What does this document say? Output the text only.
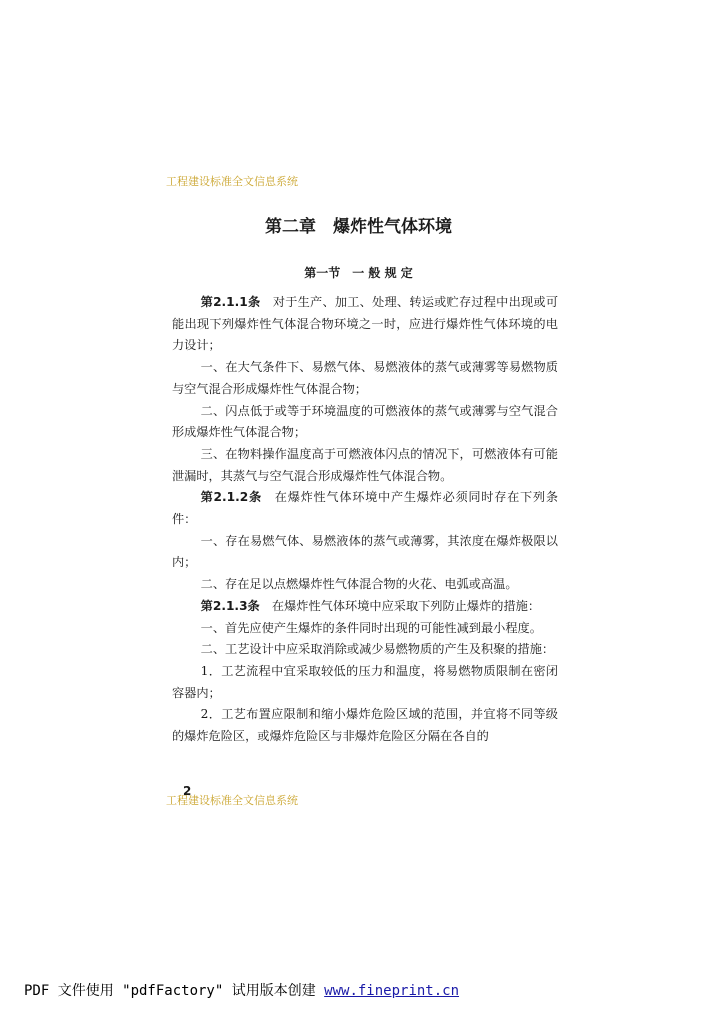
工程建设标准全文信息系统
第二章　爆炸性气体环境
第一节　一 般 规 定

第2.1.1条　对于生产、加工、处理、转运或贮存过程中出现或可能出现下列爆炸性气体混合物环境之一时，应进行爆炸性气体环境的电力设计；

一、在大气条件下、易燃气体、易燃液体的蒸气或薄雾等易燃物质与空气混合形成爆炸性气体混合物；

二、闪点低于或等于环境温度的可燃液体的蒸气或薄雾与空气混合形成爆炸性气体混合物；

三、在物料操作温度高于可燃液体闪点的情况下，可燃液体有可能泄漏时，其蒸气与空气混合形成爆炸性气体混合物。

第2.1.2条　在爆炸性气体环境中产生爆炸必须同时存在下列条件：

一、存在易燃气体、易燃液体的蒸气或薄雾，其浓度在爆炸极限以内；

二、存在足以点燃爆炸性气体混合物的火花、电弧或高温。

第2.1.3条　在爆炸性气体环境中应采取下列防止爆炸的措施：

一、首先应使产生爆炸的条件同时出现的可能性减到最小程度。

二、工艺设计中应采取消除或减少易燃物质的产生及积聚的措施：

1．工艺流程中宜采取较低的压力和温度，将易燃物质限制在密闭容器内；

2．工艺布置应限制和缩小爆炸危险区域的范围，并宜将不同等级的爆炸危险区，或爆炸危险区与非爆炸危险区分隔在各自的

工程建设标准全文信息系统
2
PDF 文件使用 "pdfFactory" 试用版本创建 www.fineprint.cn
